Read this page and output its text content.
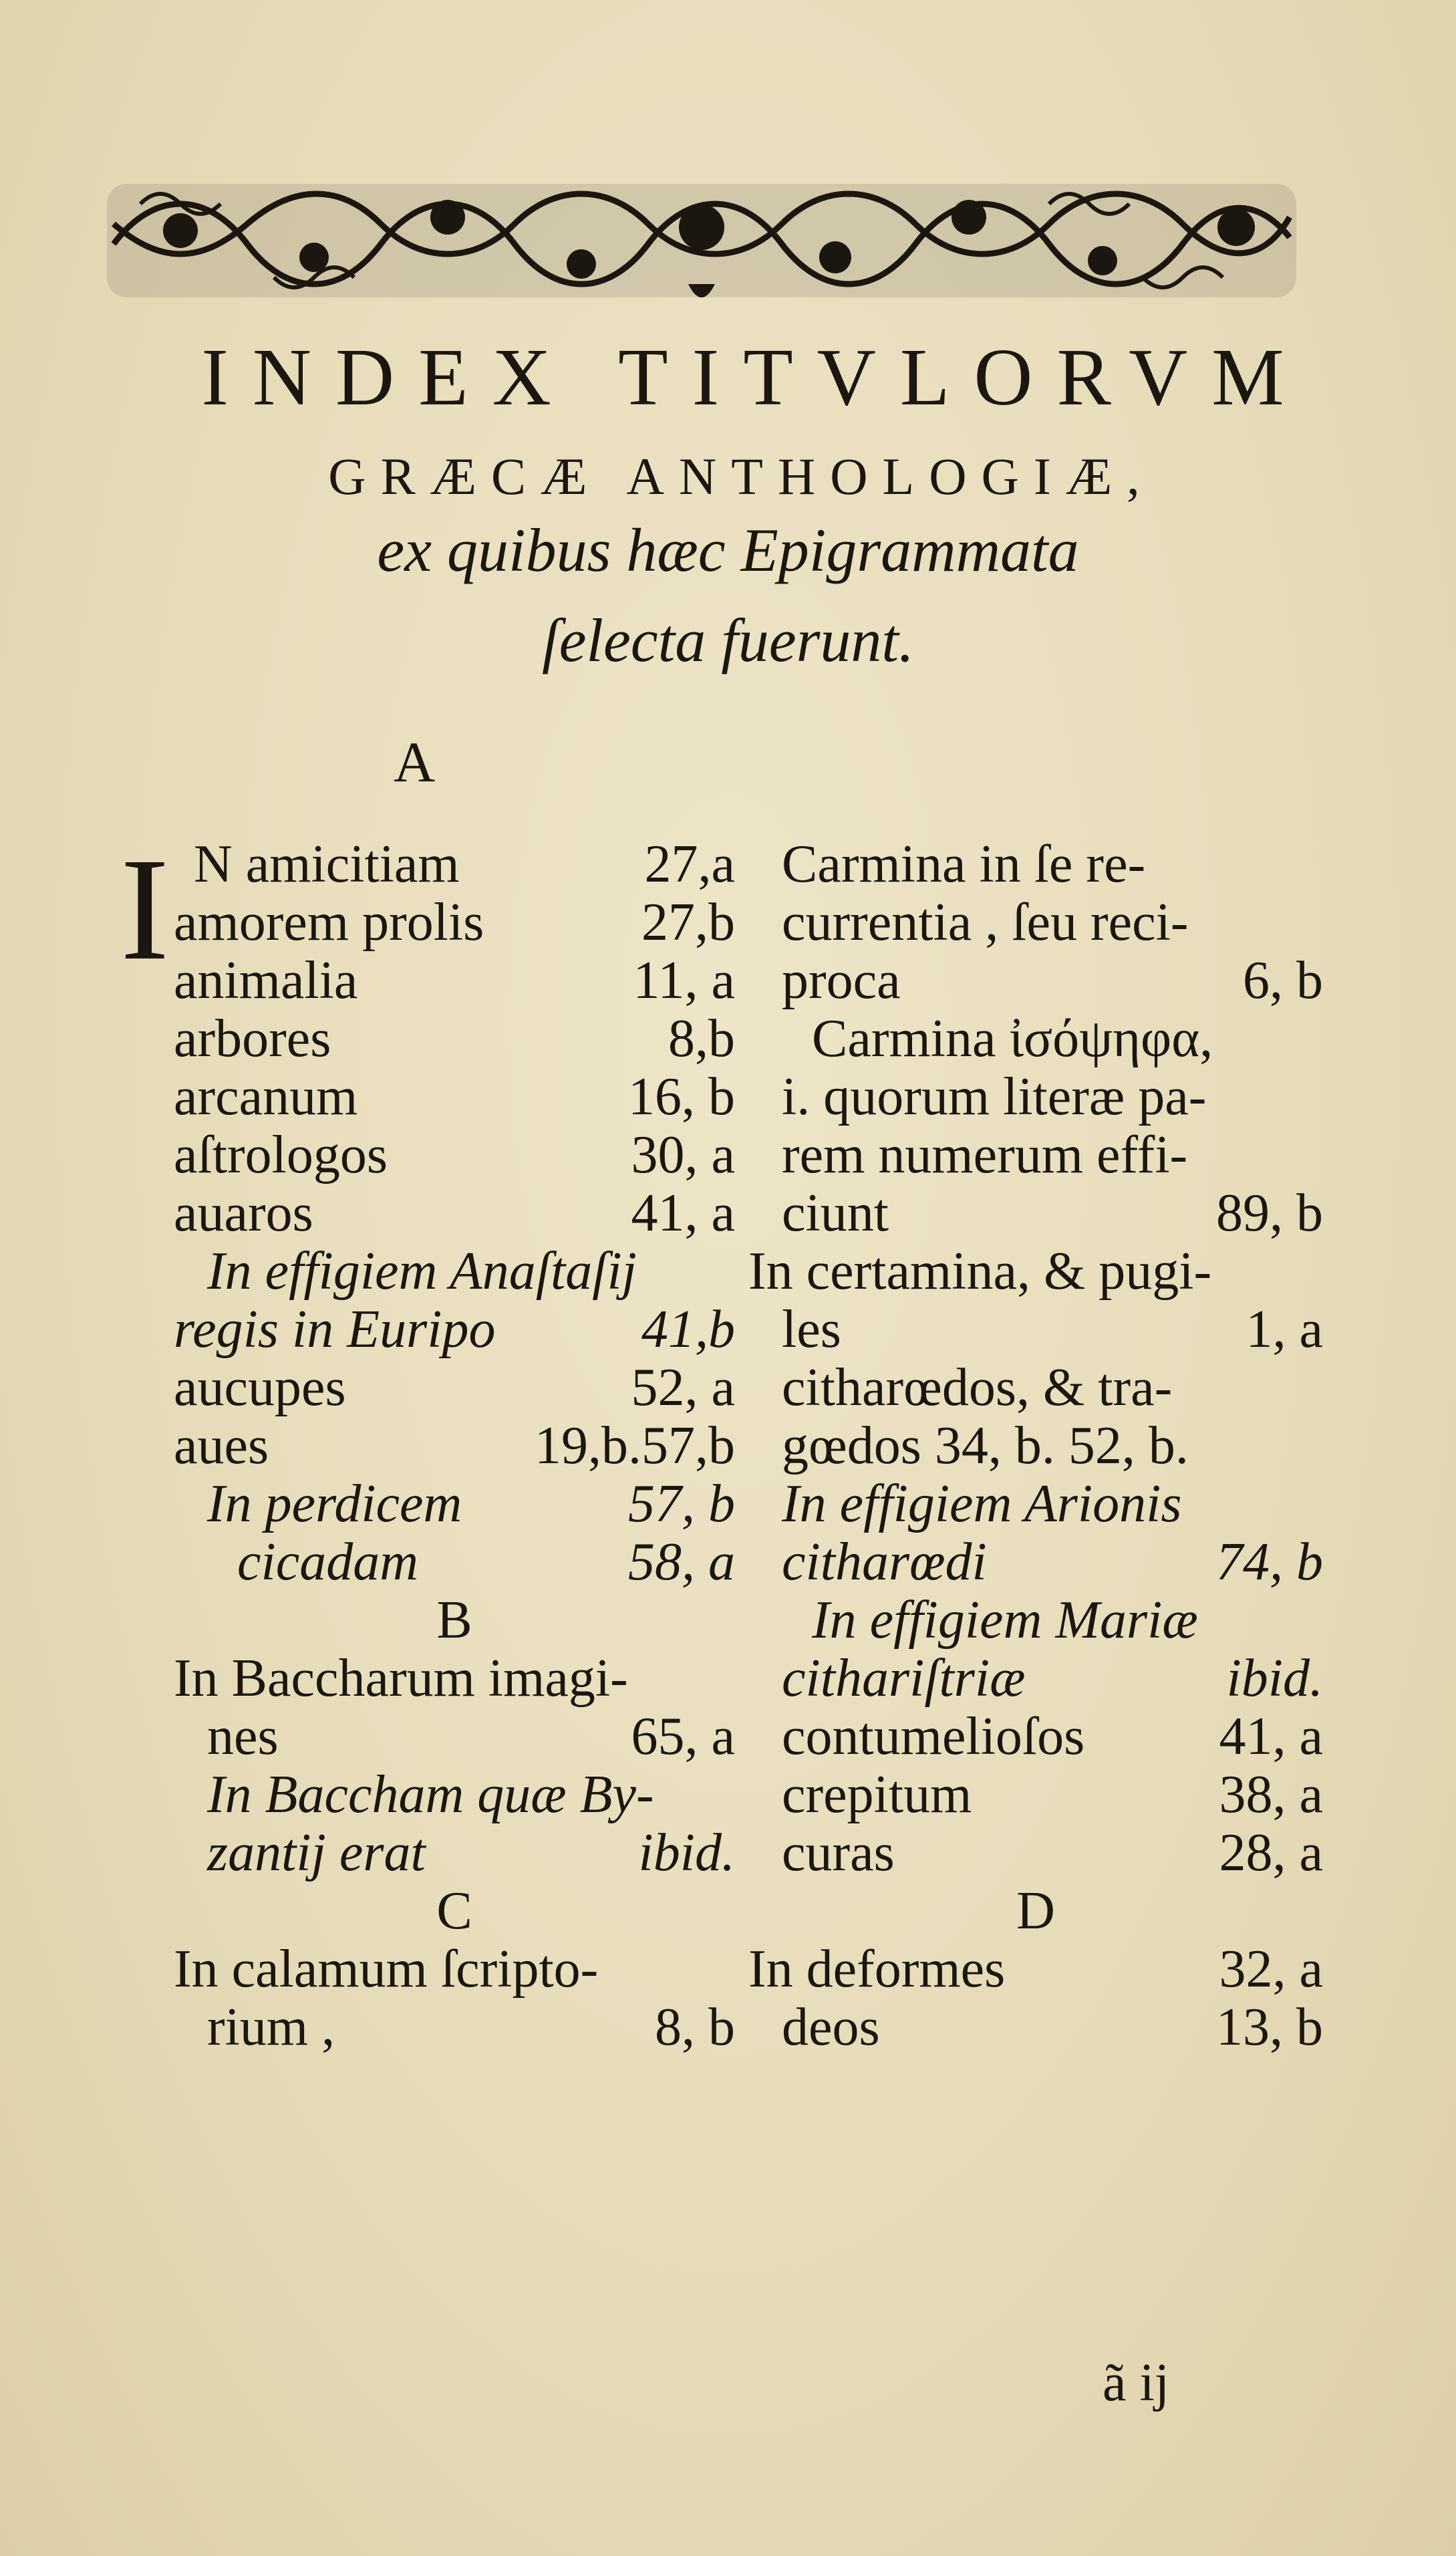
INDEX TITVLORVM
GRÆCÆ ANTHOLOGIÆ,
ex quibus hæc Epigrammata
ſelecta fuerunt.
A
I N amicitiam	27,a
amorem prolis	27,b
animalia	11, a
arbores	8,b
arcanum	16, b
aſtrologos	30, a
auaros	41, a
In effigiem Anaſtaſij
regis in Euripo	41,b
aucupes	52, a
aues	19,b.57,b
In perdicem	57, b
cicadam	58, a
B
In Baccharum imagi-
nes	65, a
In Baccham quæ By-
zantij erat	ibid.
C
In calamum ſcripto-
rium ,	8, b
Carmina in ſe re-
currentia , ſeu reci-
proca	6, b
Carmina ἰσόψηφα,
i. quorum literæ pa-
rem numerum effi-
ciunt	89, b
In certamina, & pugi-
les	1, a
citharœdos, & tra-
gœdos 34, b. 52, b.
In effigiem Arionis
citharœdi	74, b
In effigiem Mariæ
cithariſtriæ	ibid.
contumelioſos	41, a
crepitum	38, a
curas	28, a
D
In deformes	32, a
deos	13, b
ã ij
